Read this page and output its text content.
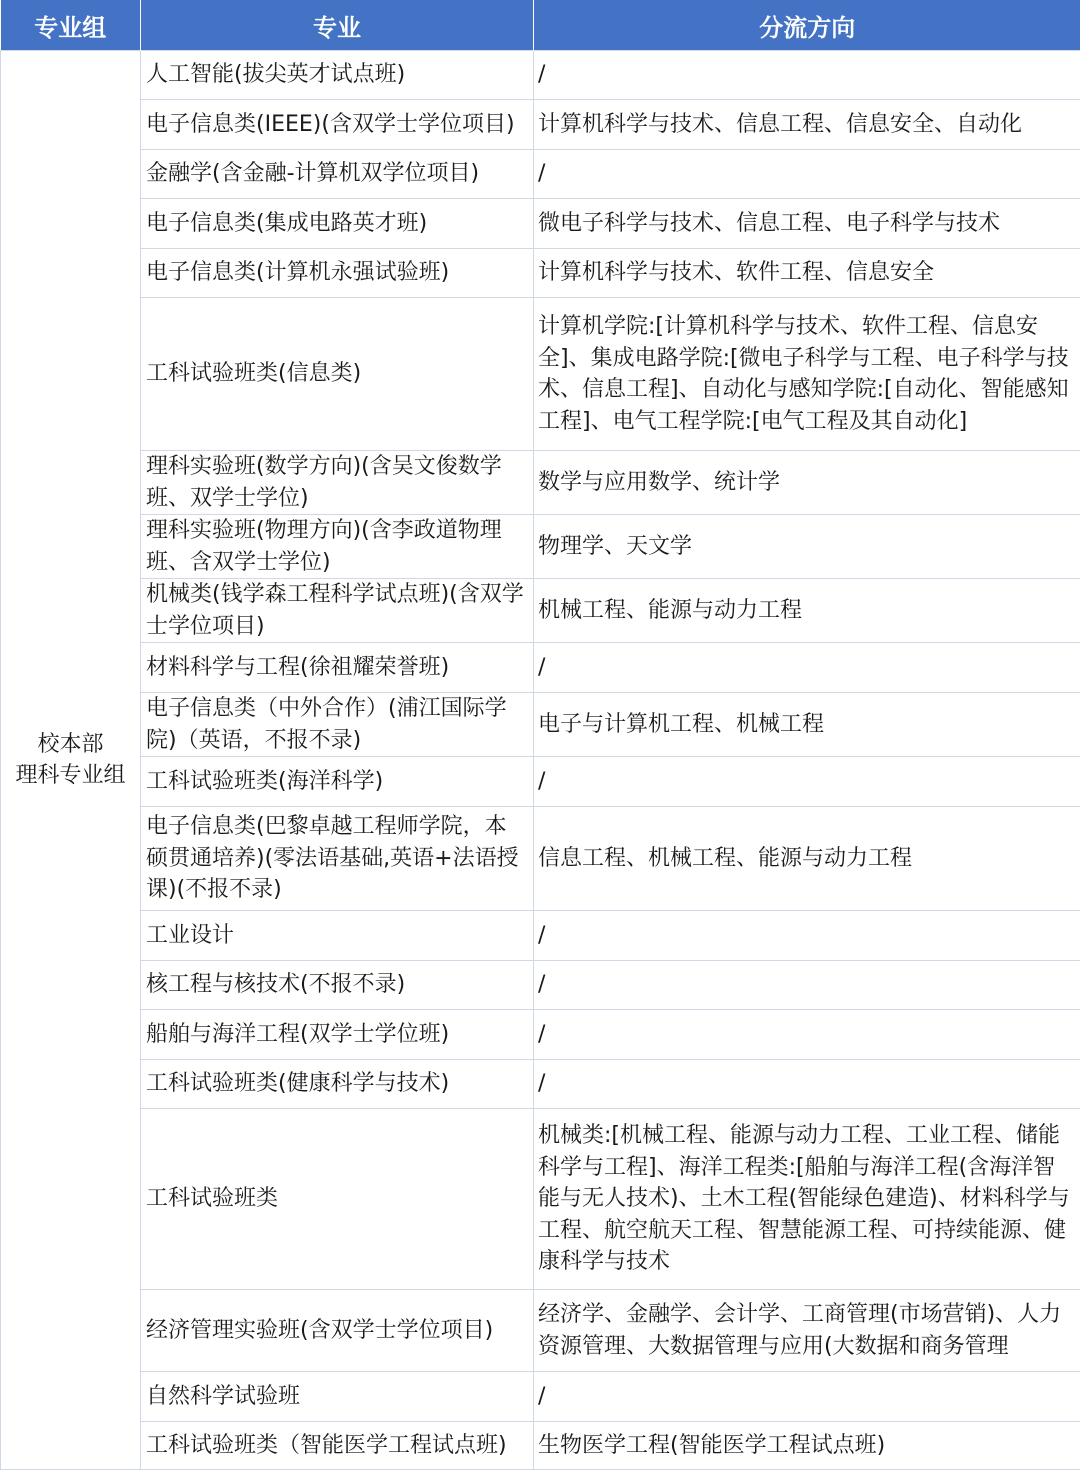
专业组	专业	分流方向

校本部
理科专业组	人工智能(拔尖英才试点班)	/
	电子信息类(IEEE)(含双学士学位项目)	计算机科学与技术、信息工程、信息安全、自动化
	金融学(含金融-计算机双学位项目)	/
	电子信息类(集成电路英才班)	微电子科学与技术、信息工程、电子科学与技术
	电子信息类(计算机永强试验班)	计算机科学与技术、软件工程、信息安全
	工科试验班类(信息类)	计算机学院:[计算机科学与技术、软件工程、信息安全]、集成电路学院:[微电子科学与工程、电子科学与技术、信息工程]、自动化与感知学院:[自动化、智能感知工程]、电气工程学院:[电气工程及其自动化]
	理科实验班(数学方向)(含吴文俊数学班、双学士学位)	数学与应用数学、统计学
	理科实验班(物理方向)(含李政道物理班、含双学士学位)	物理学、天文学
	机械类(钱学森工程科学试点班)(含双学士学位项目)	机械工程、能源与动力工程
	材料科学与工程(徐祖耀荣誉班)	/
	电子信息类（中外合作）(浦江国际学院)（英语，不报不录)	电子与计算机工程、机械工程
	工科试验班类(海洋科学)	/
	电子信息类(巴黎卓越工程师学院，本硕贯通培养)(零法语基础,英语+法语授课)(不报不录)	信息工程、机械工程、能源与动力工程
	工业设计	/
	核工程与核技术(不报不录)	/
	船舶与海洋工程(双学士学位班)	/
	工科试验班类(健康科学与技术)	/
	工科试验班类	机械类:[机械工程、能源与动力工程、工业工程、储能科学与工程]、海洋工程类:[船舶与海洋工程(含海洋智能与无人技术)、土木工程(智能绿色建造)、材料科学与工程、航空航天工程、智慧能源工程、可持续能源、健康科学与技术
	经济管理实验班(含双学士学位项目)	经济学、金融学、会计学、工商管理(市场营销)、人力资源管理、大数据管理与应用(大数据和商务管理
	自然科学试验班	/
	工科试验班类（智能医学工程试点班)	生物医学工程(智能医学工程试点班)
